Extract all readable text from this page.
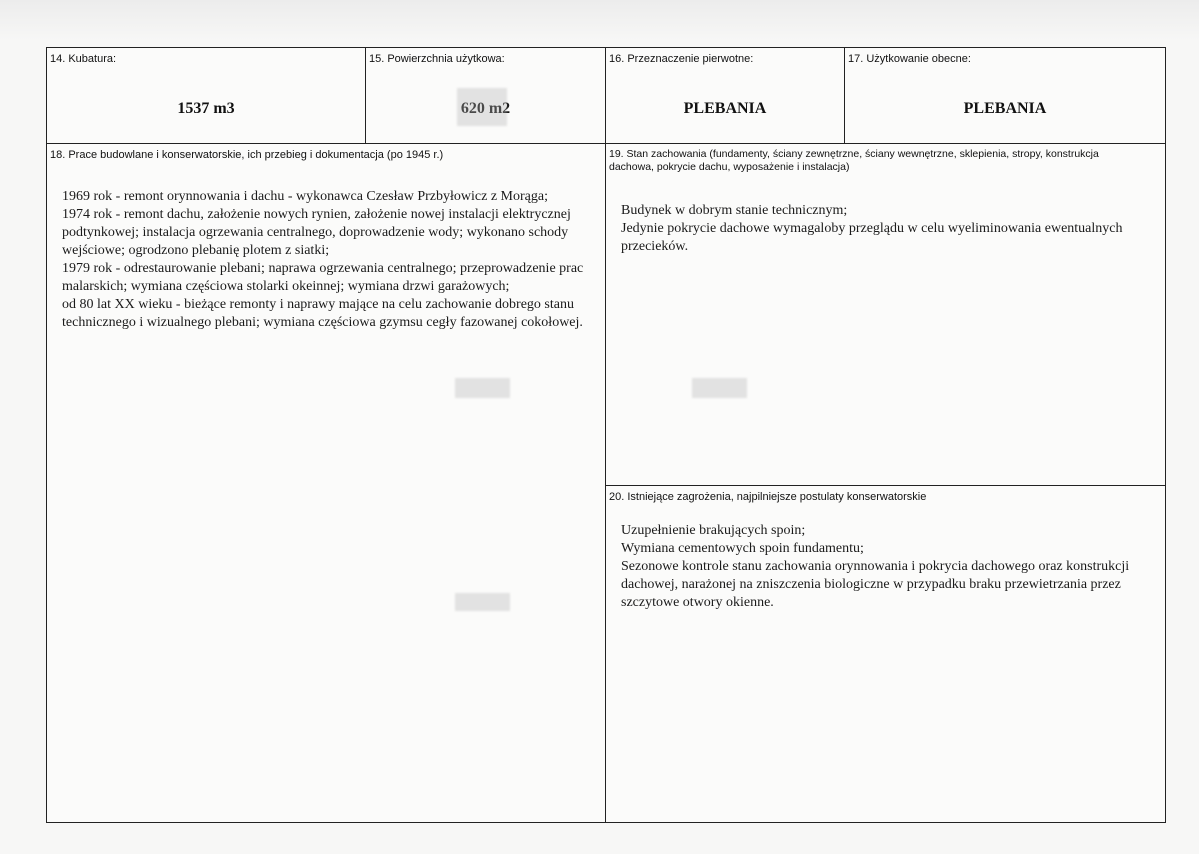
14. Kubatura:
1537 m3
15. Powierzchnia użytkowa:
620 m2
16. Przeznaczenie pierwotne:
PLEBANIA
17. Użytkowanie obecne:
PLEBANIA
18. Prace budowlane i konserwatorskie, ich przebieg i dokumentacja (po 1945 r.)
1969 rok - remont orynnowania i dachu - wykonawca Czesław Przbyłowicz z Morąga;
1974 rok - remont dachu, założenie nowych rynien, założenie nowej instalacji elektrycznej
podtynkowej; instalacja ogrzewania centralnego, doprowadzenie wody; wykonano schody
wejściowe; ogrodzono plebanię plotem z siatki;
1979 rok - odrestaurowanie plebani; naprawa ogrzewania centralnego; przeprowadzenie prac
malarskich; wymiana częściowa stolarki okeinnej; wymiana drzwi garażowych;
od 80 lat XX wieku - bieżące remonty i naprawy mające na celu zachowanie dobrego stanu
technicznego i wizualnego plebani; wymiana częściowa gzymsu cegły fazowanej cokołowej.
19. Stan zachowania (fundamenty, ściany zewnętrzne, ściany wewnętrzne, sklepienia, stropy, konstrukcja
dachowa, pokrycie dachu, wyposażenie i instalacja)
Budynek w dobrym stanie technicznym;
Jedynie pokrycie dachowe wymagaloby przeglądu w celu wyeliminowania ewentualnych
przecieków.
20. Istniejące zagrożenia, najpilniejsze postulaty konserwatorskie
Uzupełnienie brakujących spoin;
Wymiana cementowych spoin fundamentu;
Sezonowe kontrole stanu zachowania orynnowania i pokrycia dachowego oraz konstrukcji
dachowej, narażonej na zniszczenia biologiczne w przypadku braku przewietrzania przez
szczytowe otwory okienne.
